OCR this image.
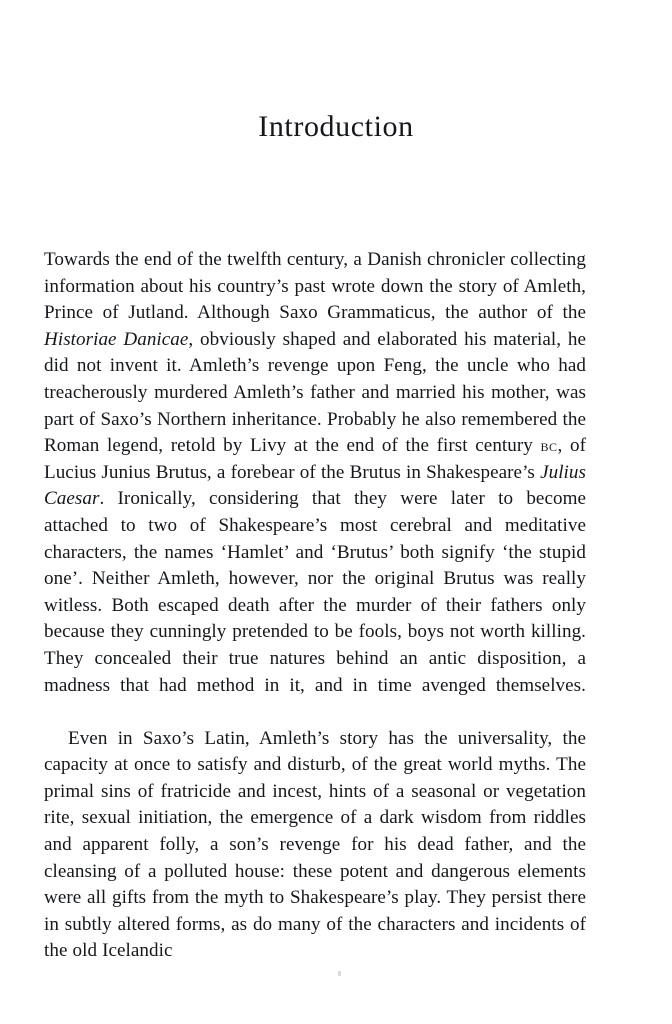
Introduction

Towards the end of the twelfth century, a Danish chronicler collecting information about his country’s past wrote down the story of Amleth, Prince of Jutland. Although Saxo Grammaticus, the author of the Historiae Danicae, obviously shaped and elaborated his material, he did not invent it. Amleth’s revenge upon Feng, the uncle who had treacherously murdered Amleth’s father and married his mother, was part of Saxo’s Northern inheritance. Probably he also remembered the Roman legend, retold by Livy at the end of the first century bc, of Lucius Junius Brutus, a forebear of the Brutus in Shakespeare’s Julius Caesar. Ironically, considering that they were later to become attached to two of Shakespeare’s most cerebral and meditative characters, the names ‘Hamlet’ and ‘Brutus’ both signify ‘the stupid one’. Neither Amleth, however, nor the original Brutus was really witless. Both escaped death after the murder of their fathers only because they cunningly pretended to be fools, boys not worth killing. They concealed their true natures behind an antic disposition, a madness that had method in it, and in time avenged themselves.

Even in Saxo’s Latin, Amleth’s story has the universality, the capacity at once to satisfy and disturb, of the great world myths. The primal sins of fratricide and incest, hints of a seasonal or vegetation rite, sexual initiation, the emergence of a dark wisdom from riddles and apparent folly, a son’s revenge for his dead father, and the cleansing of a polluted house: these potent and dangerous elements were all gifts from the myth to Shakespeare’s play. They persist there in subtly altered forms, as do many of the characters and incidents of the old Icelandic
